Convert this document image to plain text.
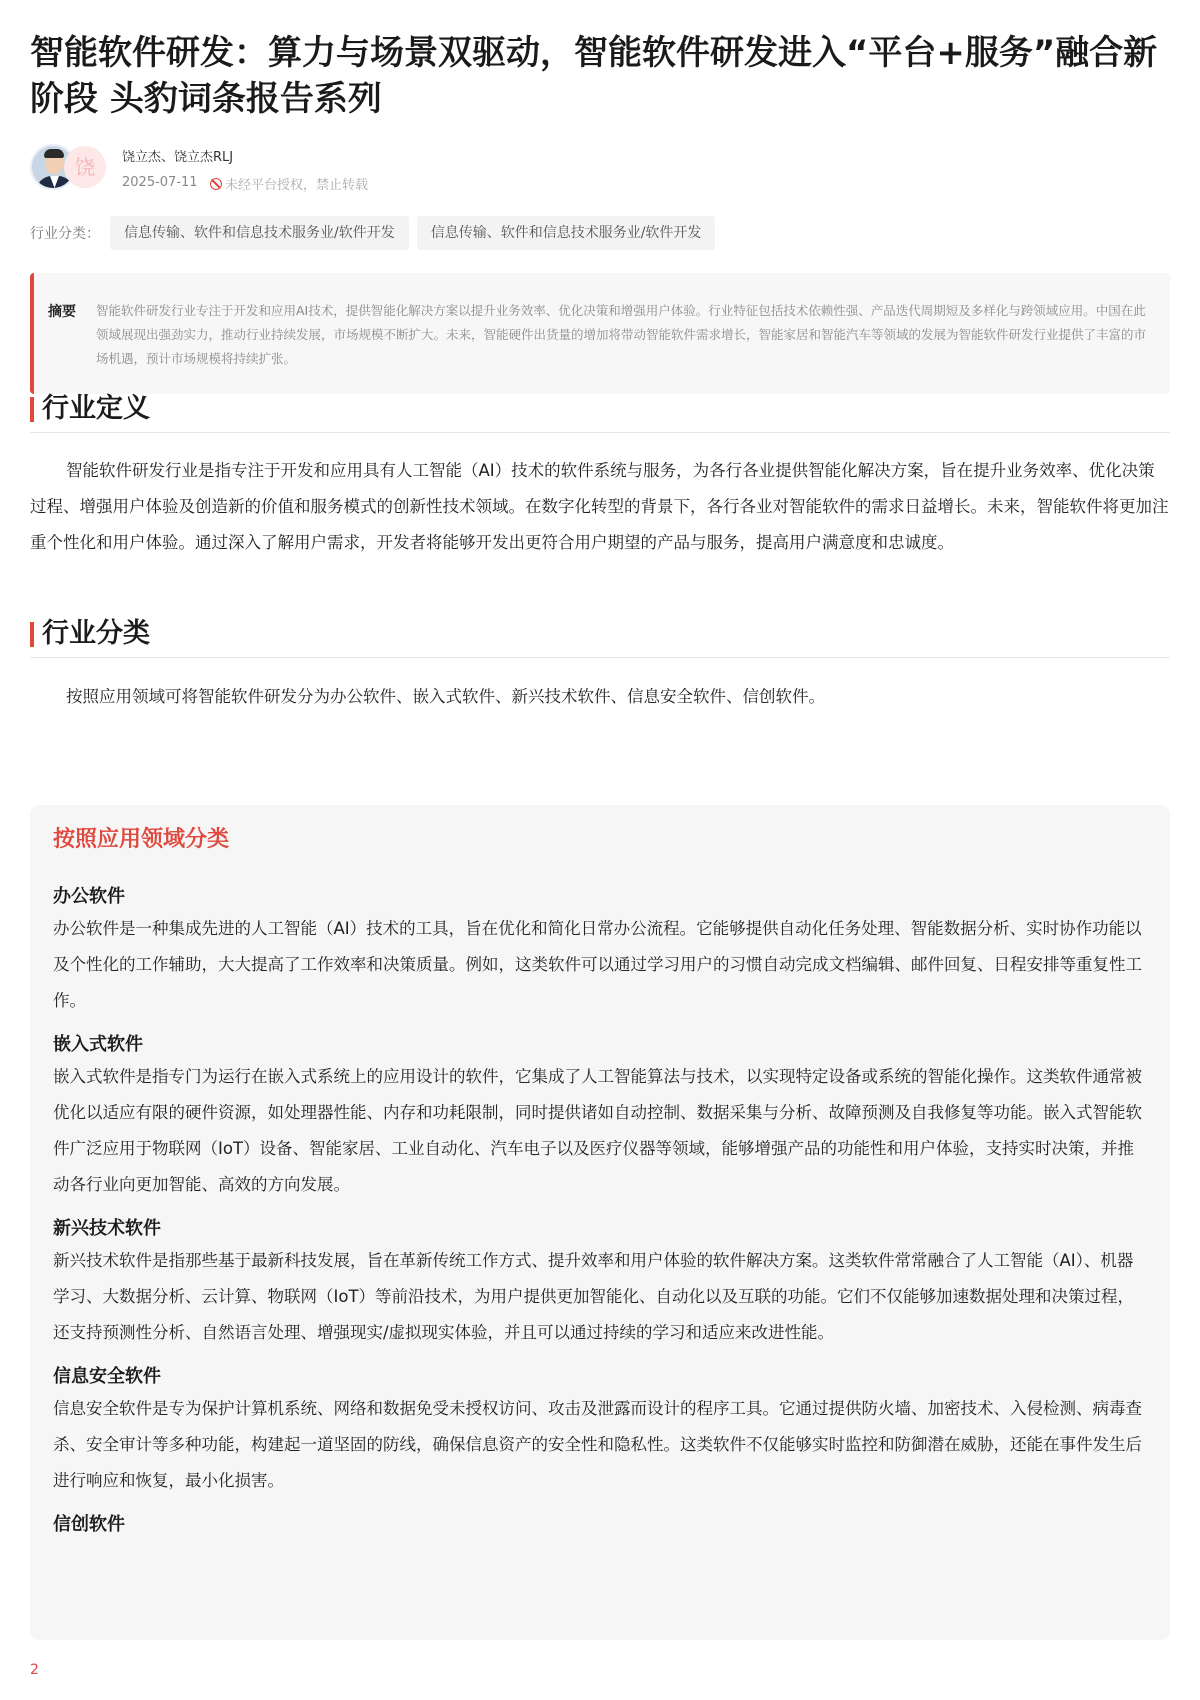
智能软件研发：算力与场景双驱动，智能软件研发进入“平台+服务”融合新阶段 头豹词条报告系列
饶	饶立杰、饶立杰RLJ
2025-07-11 未经平台授权，禁止转载
行业分类：	信息传输、软件和信息技术服务业/软件开发	信息传输、软件和信息技术服务业/软件开发
摘要 智能软件研发行业专注于开发和应用AI技术，提供智能化解决方案以提升业务效率、优化决策和增强用户体验。行业特征包括技术依赖性强、产品迭代周期短及多样化与跨领域应用。中国在此领域展现出强劲实力，推动行业持续发展，市场规模不断扩大。未来，智能硬件出货量的增加将带动智能软件需求增长，智能家居和智能汽车等领域的发展为智能软件研发行业提供了丰富的市场机遇，预计市场规模将持续扩张。
行业定义
智能软件研发行业是指专注于开发和应用具有人工智能（AI）技术的软件系统与服务，为各行各业提供智能化解决方案，旨在提升业务效率、优化决策过程、增强用户体验及创造新的价值和服务模式的创新性技术领域。在数字化转型的背景下，各行各业对智能软件的需求日益增长。未来，智能软件将更加注重个性化和用户体验。通过深入了解用户需求，开发者将能够开发出更符合用户期望的产品与服务，提高用户满意度和忠诚度。
行业分类
按照应用领域可将智能软件研发分为办公软件、嵌入式软件、新兴技术软件、信息安全软件、信创软件。
按照应用领域分类
办公软件
办公软件是一种集成先进的人工智能（AI）技术的工具，旨在优化和简化日常办公流程。它能够提供自动化任务处理、智能数据分析、实时协作功能以及个性化的工作辅助，大大提高了工作效率和决策质量。例如，这类软件可以通过学习用户的习惯自动完成文档编辑、邮件回复、日程安排等重复性工作。
嵌入式软件
嵌入式软件是指专门为运行在嵌入式系统上的应用设计的软件，它集成了人工智能算法与技术，以实现特定设备或系统的智能化操作。这类软件通常被优化以适应有限的硬件资源，如处理器性能、内存和功耗限制，同时提供诸如自动控制、数据采集与分析、故障预测及自我修复等功能。嵌入式智能软件广泛应用于物联网（IoT）设备、智能家居、工业自动化、汽车电子以及医疗仪器等领域，能够增强产品的功能性和用户体验，支持实时决策，并推动各行业向更加智能、高效的方向发展。
新兴技术软件
新兴技术软件是指那些基于最新科技发展，旨在革新传统工作方式、提升效率和用户体验的软件解决方案。这类软件常常融合了人工智能（AI）、机器学习、大数据分析、云计算、物联网（IoT）等前沿技术，为用户提供更加智能化、自动化以及互联的功能。它们不仅能够加速数据处理和决策过程，还支持预测性分析、自然语言处理、增强现实/虚拟现实体验，并且可以通过持续的学习和适应来改进性能。
信息安全软件
信息安全软件是专为保护计算机系统、网络和数据免受未授权访问、攻击及泄露而设计的程序工具。它通过提供防火墙、加密技术、入侵检测、病毒查杀、安全审计等多种功能，构建起一道坚固的防线，确保信息资产的安全性和隐私性。这类软件不仅能够实时监控和防御潜在威胁，还能在事件发生后进行响应和恢复，最小化损害。
信创软件
2
